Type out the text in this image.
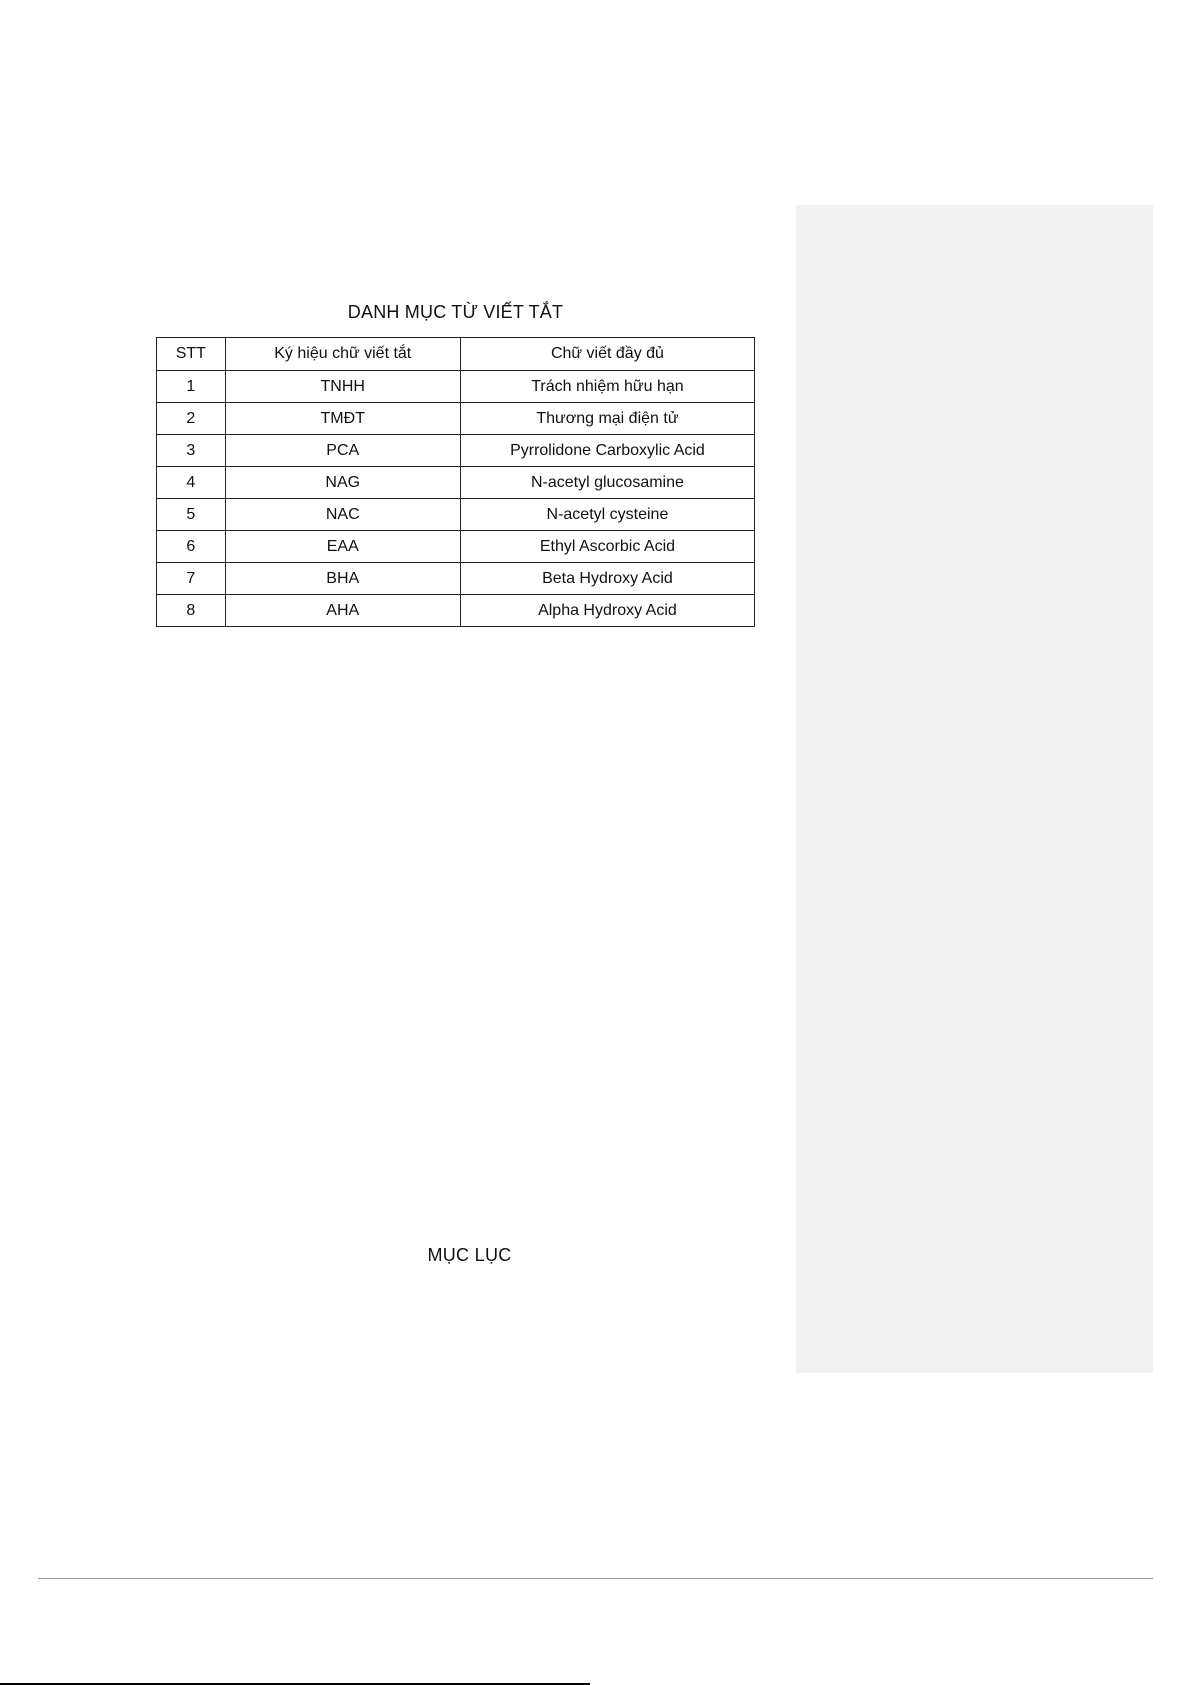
DANH MỤC TỪ VIẾT TẮT
STT	Ký hiệu chữ viết tắt	Chữ viết đầy đủ
1	TNHH	Trách nhiệm hữu hạn
2	TMĐT	Thương mại điện tử
3	PCA	Pyrrolidone Carboxylic Acid
4	NAG	N-acetyl glucosamine
5	NAC	N-acetyl cysteine
6	EAA	Ethyl Ascorbic Acid
7	BHA	Beta Hydroxy Acid
8	AHA	Alpha Hydroxy Acid
MỤC LỤC
